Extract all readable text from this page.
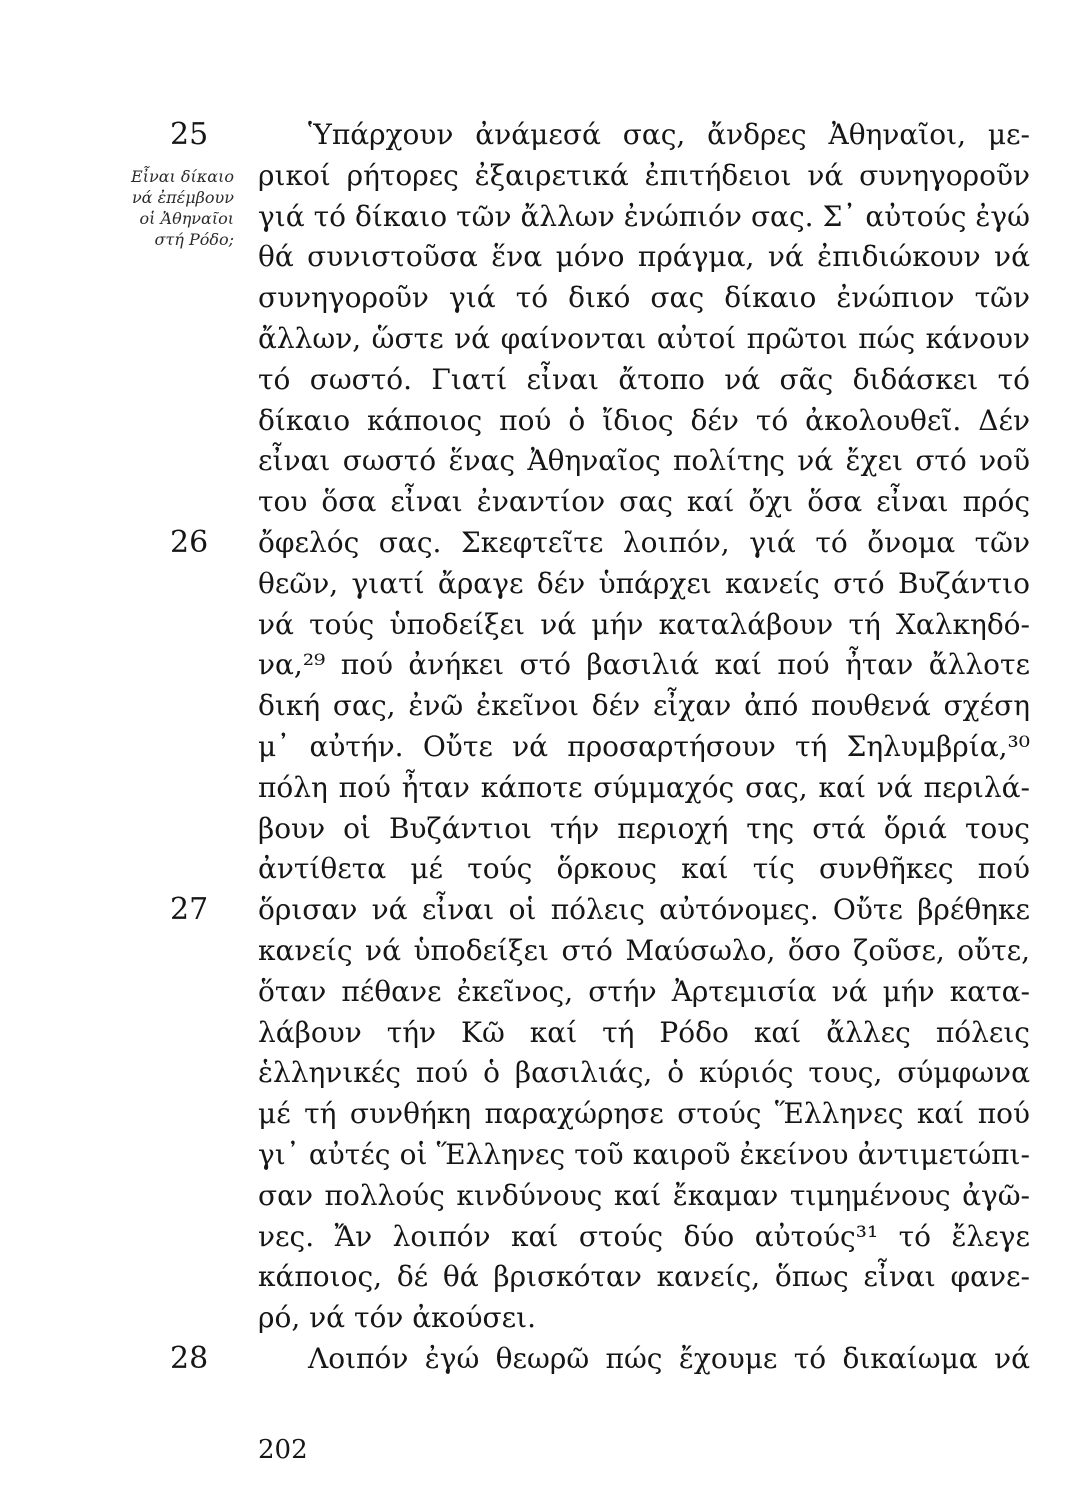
25
26
27
28
Εἶναι δίκαιο
νά ἐπέμβουν
οἱ Ἀθηναῖοι
στή Ρόδο;
Ὑπάρχουν ἀνάμεσά σας, ἄνδρες Ἀθηναῖοι, με-
ρικοί ρήτορες ἐξαιρετικά ἐπιτήδειοι νά συνηγοροῦν
γιά τό δίκαιο τῶν ἄλλων ἐνώπιόν σας. Σ᾽ αὐτούς ἐγώ
θά συνιστοῦσα ἕνα μόνο πράγμα, νά ἐπιδιώκουν νά
συνηγοροῦν γιά τό δικό σας δίκαιο ἐνώπιον τῶν
ἄλλων, ὥστε νά φαίνονται αὐτοί πρῶτοι πώς κάνουν
τό σωστό. Γιατί εἶναι ἄτοπο νά σᾶς διδάσκει τό
δίκαιο κάποιος πού ὁ ἴδιος δέν τό ἀκολουθεῖ. Δέν
εἶναι σωστό ἕνας Ἀθηναῖος πολίτης νά ἔχει στό νοῦ
του ὅσα εἶναι ἐναντίον σας καί ὄχι ὅσα εἶναι πρός
ὄφελός σας. Σκεφτεῖτε λοιπόν, γιά τό ὄνομα τῶν
θεῶν, γιατί ἄραγε δέν ὑπάρχει κανείς στό Βυζάντιο
νά τούς ὑποδείξει νά μήν καταλάβουν τή Χαλκηδό-
να,²⁹ πού ἀνήκει στό βασιλιά καί πού ἦταν ἄλλοτε
δική σας, ἐνῶ ἐκεῖνοι δέν εἶχαν ἀπό πουθενά σχέση
μ᾽ αὐτήν. Οὔτε νά προσαρτήσουν τή Σηλυμβρία,³⁰
πόλη πού ἦταν κάποτε σύμμαχός σας, καί νά περιλά-
βουν οἱ Βυζάντιοι τήν περιοχή της στά ὅριά τους
ἀντίθετα μέ τούς ὅρκους καί τίς συνθῆκες πού
ὅρισαν νά εἶναι οἱ πόλεις αὐτόνομες. Οὔτε βρέθηκε
κανείς νά ὑποδείξει στό Μαύσωλο, ὅσο ζοῦσε, οὔτε,
ὅταν πέθανε ἐκεῖνος, στήν Ἀρτεμισία νά μήν κατα-
λάβουν τήν Κῶ καί τή Ρόδο καί ἄλλες πόλεις
ἑλληνικές πού ὁ βασιλιάς, ὁ κύριός τους, σύμφωνα
μέ τή συνθήκη παραχώρησε στούς Ἕλληνες καί πού
γι᾽ αὐτές οἱ Ἕλληνες τοῦ καιροῦ ἐκείνου ἀντιμετώπι-
σαν πολλούς κινδύνους καί ἔκαμαν τιμημένους ἀγῶ-
νες. Ἄν λοιπόν καί στούς δύο αὐτούς³¹ τό ἔλεγε
κάποιος, δέ θά βρισκόταν κανείς, ὅπως εἶναι φανε-
ρό, νά τόν ἀκούσει.
Λοιπόν ἐγώ θεωρῶ πώς ἔχουμε τό δικαίωμα νά
202
